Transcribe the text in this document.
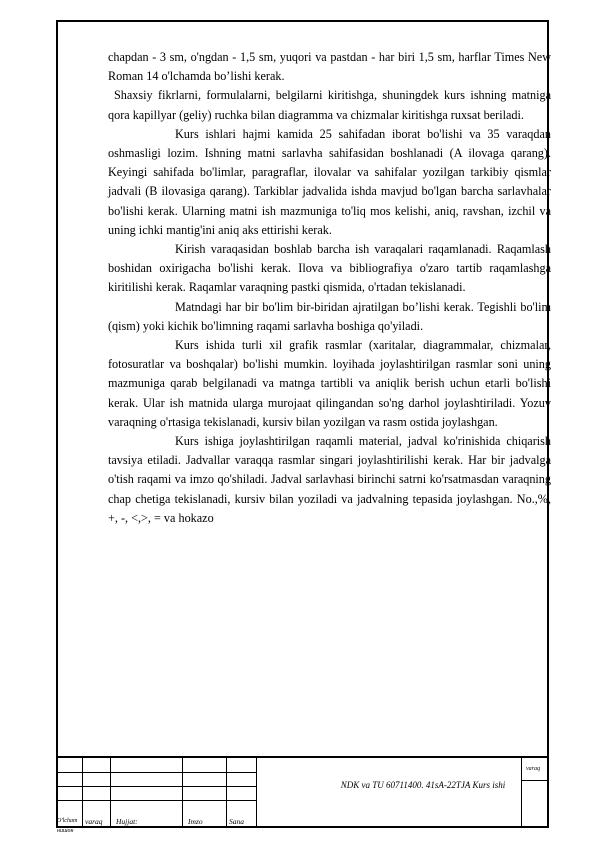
chapdan - 3 sm, o'ngdan - 1,5 sm, yuqori va pastdan - har biri 1,5 sm, harflar Times New Roman 14 o'lchamda bo’lishi kerak.

Shaxsiy fikrlarni, formulalarni, belgilarni kiritishga, shuningdek kurs ishning matniga qora kapillyar (geliy) ruchka bilan diagramma va chizmalar kiritishga ruxsat beriladi.

Kurs ishlari hajmi kamida 25 sahifadan iborat bo'lishi va 35 varaqdan oshmasligi lozim. Ishning matni sarlavha sahifasidan boshlanadi (A ilovaga qarang). Keyingi sahifada bo'limlar, paragraflar, ilovalar va sahifalar yozilgan tarkibiy qismlar jadvali (B ilovasiga qarang). Tarkiblar jadvalida ishda mavjud bo'lgan barcha sarlavhalar bo'lishi kerak. Ularning matni ish mazmuniga to'liq mos kelishi, aniq, ravshan, izchil va uning ichki mantig'ini aniq aks ettirishi kerak.

Kirish varaqasidan boshlab barcha ish varaqalari raqamlanadi. Raqamlash boshidan oxirigacha bo'lishi kerak. Ilova va bibliografiya o'zaro tartib raqamlashga kiritilishi kerak. Raqamlar varaqning pastki qismida, o'rtadan tekislanadi.

Matndagi har bir bo'lim bir-biridan ajratilgan bo’lishi kerak. Tegishli bo'lim (qism) yoki kichik bo'limning raqami sarlavha boshiga qo'yiladi.

Kurs ishida turli xil grafik rasmlar (xaritalar, diagrammalar, chizmalar, fotosuratlar va boshqalar) bo'lishi mumkin. loyihada joylashtirilgan rasmlar soni uning mazmuniga qarab belgilanadi va matnga tartibli va aniqlik berish uchun etarli bo'lishi kerak. Ular ish matnida ularga murojaat qilingandan so'ng darhol joylashtiriladi. Yozuv varaqning o'rtasiga tekislanadi, kursiv bilan yozilgan va rasm ostida joylashgan.

Kurs ishiga joylashtirilgan raqamli material, jadval ko'rinishida chiqarish tavsiya etiladi. Jadvallar varaqqa rasmlar singari joylashtirilishi kerak. Har bir jadvalga o'tish raqami va imzo qo'shiladi. Jadval sarlavhasi birinchi satrni ko'rsatmasdan varaqning chap chetiga tekislanadi, kursiv bilan yoziladi va jadvalning tepasida joylashgan. No.,%, +, -, <,>, = va hokazo

O'lcham varaq Hujjat:	Imzo	Sana
нишон
NDK va TU 60711400. 41sA-22TJA Kurs ishi
varaq
